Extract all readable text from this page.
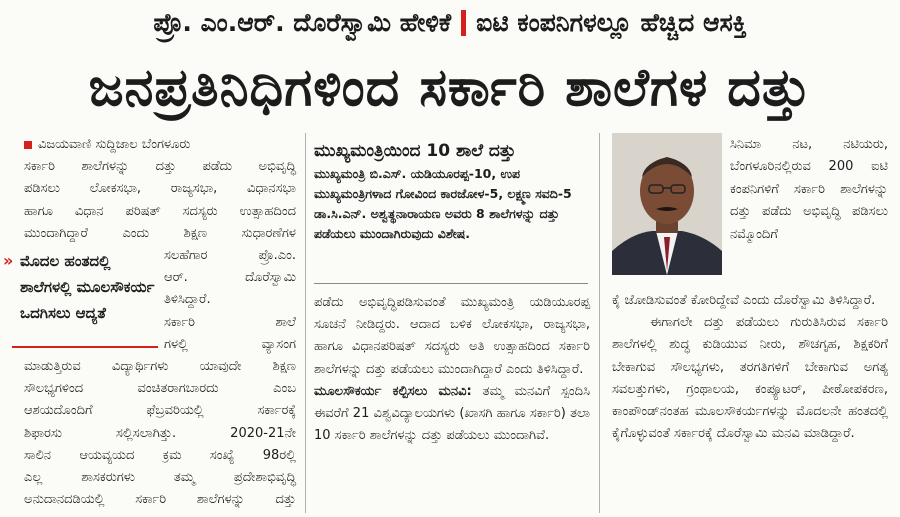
ಪ್ರೊ. ಎಂ.ಆರ್. ದೊರೆಸ್ವಾಮಿ ಹೇಳಿಕೆ ಐಟಿ ಕಂಪನಿಗಳಲ್ಲೂ ಹೆಚ್ಚಿದ ಆಸಕ್ತಿ
ಜನಪ್ರತಿನಿಧಿಗಳಿಂದ ಸರ್ಕಾರಿ ಶಾಲೆಗಳ ದತ್ತು
ವಿಜಯವಾಣಿ ಸುದ್ದಿಜಾಲ ಬೆಂಗಳೂರು

ಸರ್ಕಾರಿ ಶಾಲೆಗಳನ್ನು ದತ್ತು ಪಡೆದು ಅಭಿವೃದ್ಧಿ

ಪಡಿಸಲು ಲೋಕಸಭಾ, ರಾಜ್ಯಸಭಾ, ವಿಧಾನಸಭಾ

ಹಾಗೂ ವಿಧಾನ ಪರಿಷತ್ ಸದಸ್ಯರು ಉತ್ಸಾಹದಿಂದ

ಮುಂದಾಗಿದ್ದಾರೆ ಎಂದು ಶಿಕ್ಷಣ ಸುಧಾರಣೆಗಳ

ಸಲಹೆಗಾರ ಪ್ರೊ.ಎಂ.

ಆರ್. ದೊರೆಸ್ವಾಮಿ

ತಿಳಿಸಿದ್ದಾರೆ.

ಸರ್ಕಾರಿ ಶಾಲೆ

ಗಳಲ್ಲಿ ವ್ಯಾಸಂಗ

ಮಾಡುತ್ತಿರುವ ವಿದ್ಯಾರ್ಥಿಗಳು ಯಾವುದೇ ಶಿಕ್ಷಣ

ಸೌಲಭ್ಯಗಳಿಂದ ವಂಚಿತರಾಗಬಾರದು ಎಂಬ

ಆಶಯದೊಂದಿಗೆ ಫೆಬ್ರವರಿಯಲ್ಲಿ ಸರ್ಕಾರಕ್ಕೆ

ಶಿಫಾರಸು ಸಲ್ಲಿಸಲಾಗಿತ್ತು. 2020-21ನೇ

ಸಾಲಿನ ಆಯವ್ಯಯದ ಕ್ರಮ ಸಂಖ್ಯೆ 98ರಲ್ಲಿ

ಎಲ್ಲ ಶಾಸಕರುಗಳು ತಮ್ಮ ಪ್ರದೇಶಾಭಿವೃದ್ಧಿ

ಅನುದಾನದಡಿಯಲ್ಲಿ ಸರ್ಕಾರಿ ಶಾಲೆಗಳನ್ನು ದತ್ತು

» ಮೊದಲ ಹಂತದಲ್ಲಿ ಶಾಲೆಗಳಲ್ಲಿ ಮೂಲಸೌಕರ್ಯ ಒದಗಿಸಲು ಆದ್ಯತೆ
ಮುಖ್ಯಮಂತ್ರಿಯಿಂದ 10 ಶಾಲೆ ದತ್ತು
ಮುಖ್ಯಮಂತ್ರಿ ಬಿ.ಎಸ್. ಯಡಿಯೂರಪ್ಪ-10, ಉಪ ಮುಖ್ಯಮಂತ್ರಿಗಳಾದ ಗೋವಿಂದ ಕಾರಜೋಳ-5, ಲಕ್ಷ್ಮಣ ಸವದಿ-5 ಡಾ.ಸಿ.ಎನ್. ಅಶ್ವತ್ಥನಾರಾಯಣ ಅವರು 8 ಶಾಲೆಗಳನ್ನು ದತ್ತು ಪಡೆಯಲು ಮುಂದಾಗಿರುವುದು ವಿಶೇಷ.

ಪಡೆದು ಅಭಿವೃದ್ಧಿಪಡಿಸುವಂತೆ ಮುಖ್ಯಮಂತ್ರಿ ಯಡಿಯೂರಪ್ಪ ಸೂಚನೆ ನೀಡಿದ್ದರು. ಆದಾದ ಬಳಿಕ ಲೋಕಸಭಾ, ರಾಜ್ಯಸಭಾ, ಹಾಗೂ ವಿಧಾನಪರಿಷತ್ ಸದಸ್ಯರು ಅತಿ ಉತ್ಸಾಹದಿಂದ ಸರ್ಕಾರಿ ಶಾಲೆಗಳನ್ನು ದತ್ತು ಪಡೆಯಲು ಮುಂದಾಗಿದ್ದಾರೆ ಎಂದು ತಿಳಿಸಿದ್ದಾರೆ.

ಮೂಲಸೌಕರ್ಯ ಕಲ್ಪಿಸಲು ಮನವಿ: ತಮ್ಮ ಮನವಿಗೆ ಸ್ಪಂದಿಸಿ ಈವರೆಗೆ 21 ವಿಶ್ವವಿದ್ಯಾಲಯಗಳು (ಖಾಸಗಿ ಹಾಗೂ ಸರ್ಕಾರಿ) ತಲಾ 10 ಸರ್ಕಾರಿ ಶಾಲೆಗಳನ್ನು ದತ್ತು ಪಡೆಯಲು ಮುಂದಾಗಿವೆ.

ಸಿನಿಮಾ ನಟ, ನಟಿಯರು, ಬೆಂಗಳೂರಿನಲ್ಲಿರುವ 200 ಐಟಿ ಕಂಪನಿಗಳಿಗೆ ಸರ್ಕಾರಿ ಶಾಲೆಗಳನ್ನು ದತ್ತು ಪಡೆದು ಅಭಿವೃದ್ಧಿ ಪಡಿಸಲು ನಮ್ಮೊಂದಿಗೆ

ಕೈ ಜೋಡಿಸುವಂತೆ ಕೋರಿದ್ದೇವೆ ಎಂದು ದೊರೆಸ್ವಾಮಿ ತಿಳಿಸಿದ್ದಾರೆ.

ಈಗಾಗಲೇ ದತ್ತು ಪಡೆಯಲು ಗುರುತಿಸಿರುವ ಸರ್ಕಾರಿ ಶಾಲೆಗಳಲ್ಲಿ ಶುದ್ಧ ಕುಡಿಯುವ ನೀರು, ಶೌಚಗೃಹ, ಶಿಕ್ಷಕರಿಗೆ ಬೇಕಾಗುವ ಸೌಲಭ್ಯಗಳು, ತರಗತಿಗಳಿಗೆ ಬೇಕಾಗುವ ಅಗತ್ಯ ಸವಲತ್ತುಗಳು, ಗ್ರಂಥಾಲಯ, ಕಂಪ್ಯೂಟರ್, ಪೀಠೋಪಕರಣ, ಕಾಂಪೌಂಡ್‌ನಂತಹ ಮೂಲಸೌಕರ್ಯಗಳನ್ನು ಮೊದಲನೇ ಹಂತದಲ್ಲಿ ಕೈಗೊಳ್ಳುವಂತೆ ಸರ್ಕಾರಕ್ಕೆ ದೊರೆಸ್ವಾಮಿ ಮನವಿ ಮಾಡಿದ್ದಾರೆ.
